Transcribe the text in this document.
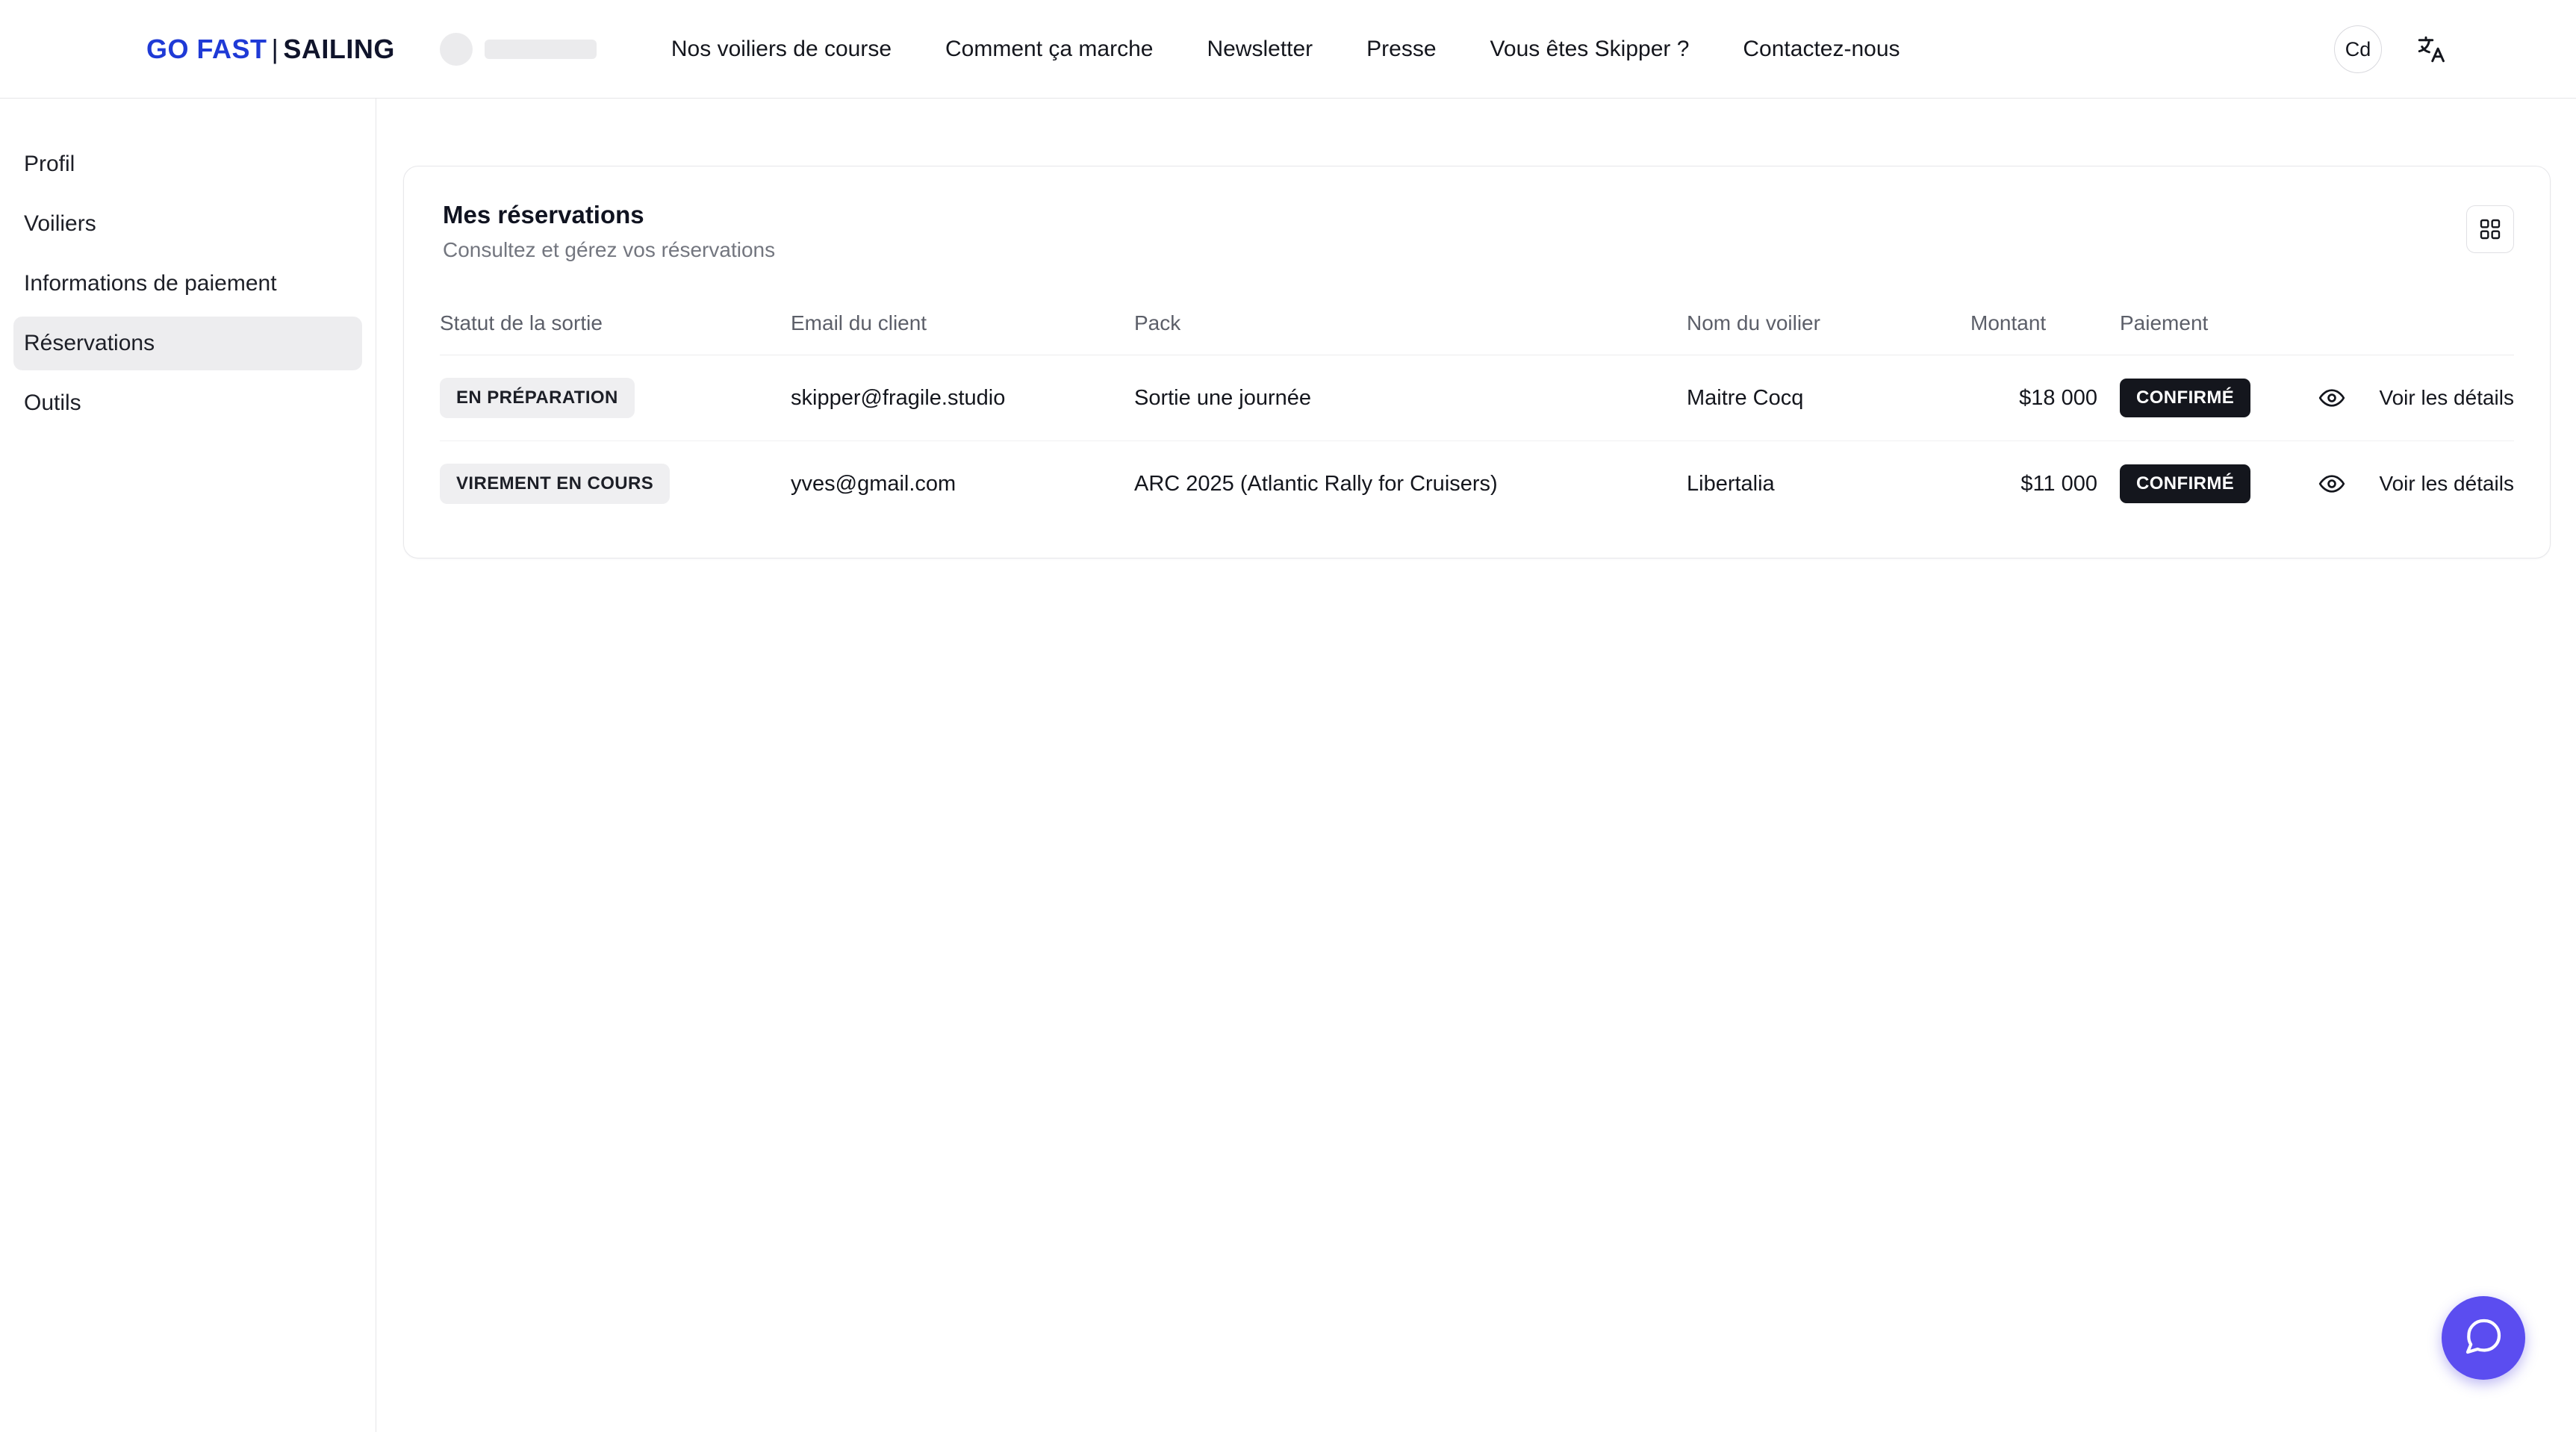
GO FAST | SAILING	Nos voiliers de course Comment ça marche Newsletter Presse Vous êtes Skipper ? Contactez-nous	Cd
Profil
Voiliers
Informations de paiement
Réservations
Outils
Mes réservations
Consultez et gérez vos réservations
Statut de la sortie	Email du client	Pack	Nom du voilier	Montant	Paiement	
EN PRÉPARATION	skipper@fragile.studio	Sortie une journée	Maitre Cocq	$18 000	CONFIRMÉ	Voir les détails

VIREMENT EN COURS	yves@gmail.com	ARC 2025 (Atlantic Rally for Cruisers)	Libertalia	$11 000	CONFIRMÉ	Voir les détails
